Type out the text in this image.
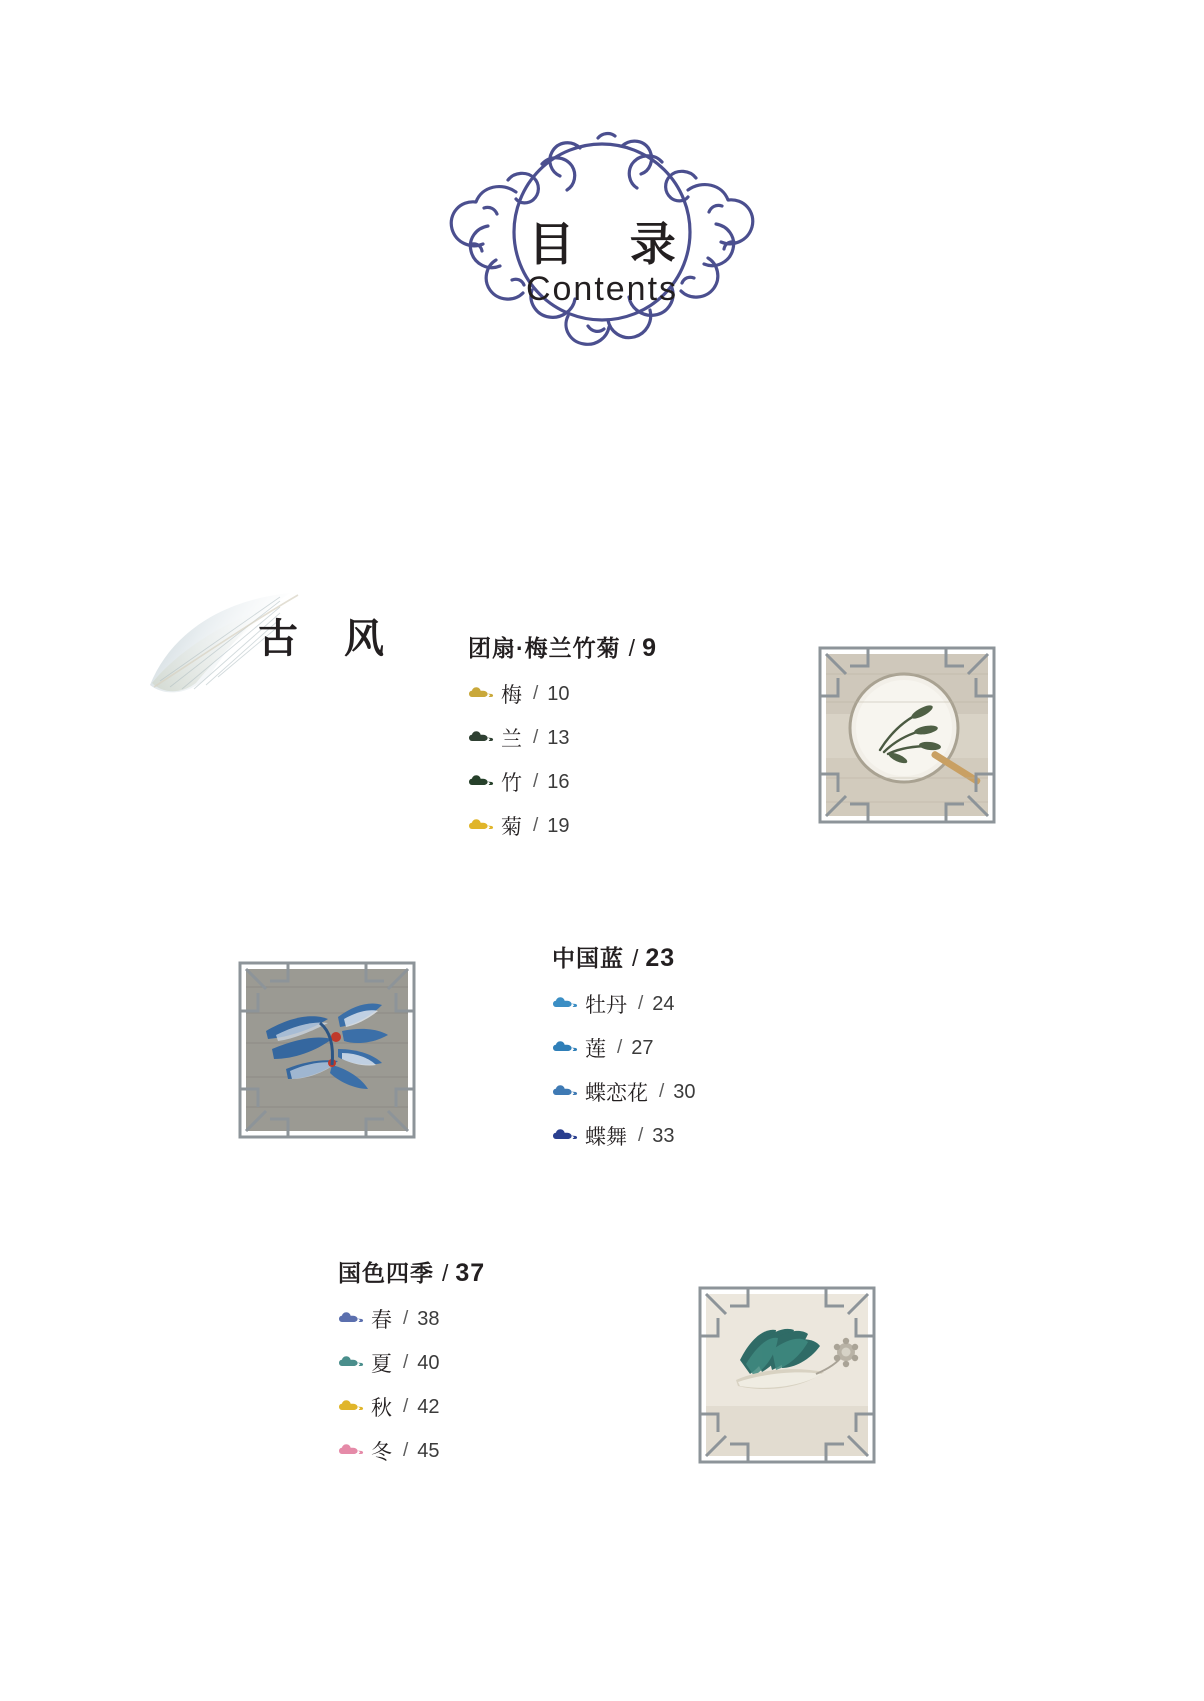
目 录
Contents
古 风	团扇·梅兰竹菊 / 9
梅 / 10
兰 / 13
竹 / 16
菊 / 19
中国蓝 / 23
牡丹 / 24
莲 / 27
蝶恋花 / 30
蝶舞 / 33
国色四季 / 37
春 / 38
夏 / 40
秋 / 42
冬 / 45
